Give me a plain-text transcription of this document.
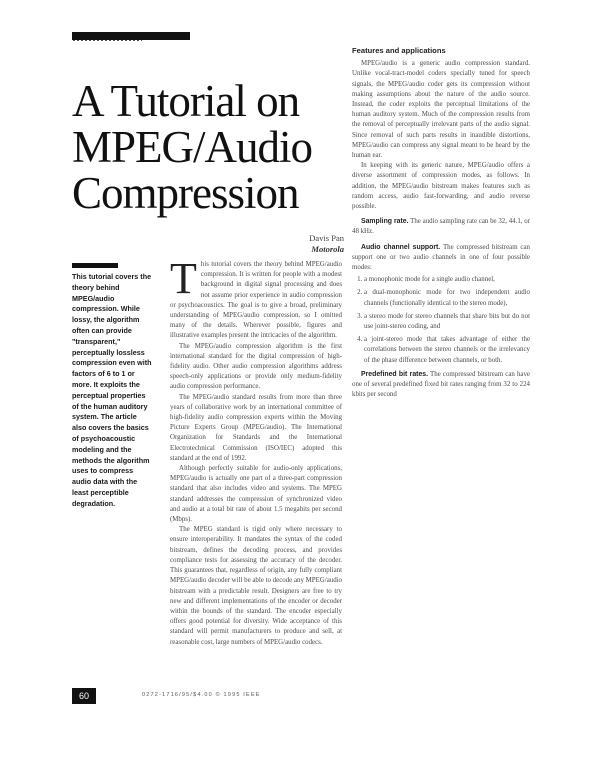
A Tutorial on MPEG/Audio Compression
Davis Pan
Motorola
This tutorial covers the theory behind MPEG/audio compression. While lossy, the algorithm often can provide "transparent," perceptually lossless compression even with factors of 6 to 1 or more. It exploits the perceptual properties of the human auditory system. The article also covers the basics of psychoacoustic modeling and the methods the algorithm uses to compress audio data with the least perceptible degradation.

This tutorial covers the theory behind MPEG/audio compression. It is written for people with a modest background in digital signal processing and does not assume prior experience in audio compression or psychoacoustics. The goal is to give a broad, preliminary understanding of MPEG/audio compression, so I omitted many of the details. Wherever possible, figures and illustrative examples present the intricacies of the algorithm.

The MPEG/audio compression algorithm is the first international standard for the digital compression of high-fidelity audio. Other audio compression algorithms address speech-only applications or provide only medium-fidelity audio compression performance.

The MPEG/audio standard results from more than three years of collaborative work by an international committee of high-fidelity audio compression experts within the Moving Picture Experts Group (MPEG/audio). The International Organization for Standards and the International Electrotechnical Commission (ISO/IEC) adopted this standard at the end of 1992.

Although perfectly suitable for audio-only applications, MPEG/audio is actually one part of a three-part compression standard that also includes video and systems. The MPEG standard addresses the compression of synchronized video and audio at a total bit rate of about 1.5 megabits per second (Mbps).

The MPEG standard is rigid only where necessary to ensure interoperability. It mandates the syntax of the coded bitstream, defines the decoding process, and provides compliance tests for assessing the accuracy of the decoder. This guarantees that, regardless of origin, any fully compliant MPEG/audio decoder will be able to decode any MPEG/audio bitstream with a predictable result. Designers are free to try new and different implementations of the encoder or decoder within the bounds of the standard. The encoder especially offers good potential for diversity. Wide acceptance of this standard will permit manufacturers to produce and sell, at reasonable cost, large numbers of MPEG/audio codecs.

Features and applications

MPEG/audio is a generic audio compression standard. Unlike vocal-tract-model coders specially tuned for speech signals, the MPEG/audio coder gets its compression without making assumptions about the nature of the audio source. Instead, the coder exploits the perceptual limitations of the human auditory system. Much of the compression results from the removal of perceptually irrelevant parts of the audio signal. Since removal of such parts results in inaudible distortions, MPEG/audio can compress any signal meant to be heard by the human ear.

In keeping with its generic nature, MPEG/audio offers a diverse assortment of compression modes, as follows. In addition, the MPEG/audio bitstream makes features such as random access, audio fast-forwarding, and audio reverse possible.

Sampling rate. The audio sampling rate can be 32, 44.1, or 48 kHz.

Audio channel support. The compressed bitstream can support one or two audio channels in one of four possible modes:

1. a monophonic mode for a single audio channel,
2. a dual-monophonic mode for two independent audio channels (functionally identical to the stereo mode),
3. a stereo mode for stereo channels that share bits but do not use joint-stereo coding, and
4. a joint-stereo mode that takes advantage of either the correlations between the stereo channels or the irrelevancy of the phase difference between channels, or both.

Predefined bit rates. The compressed bitstream can have one of several predefined fixed bit rates ranging from 32 to 224 kbits per second

60	0272-1716/95/$4.00 © 1995 IEEE
